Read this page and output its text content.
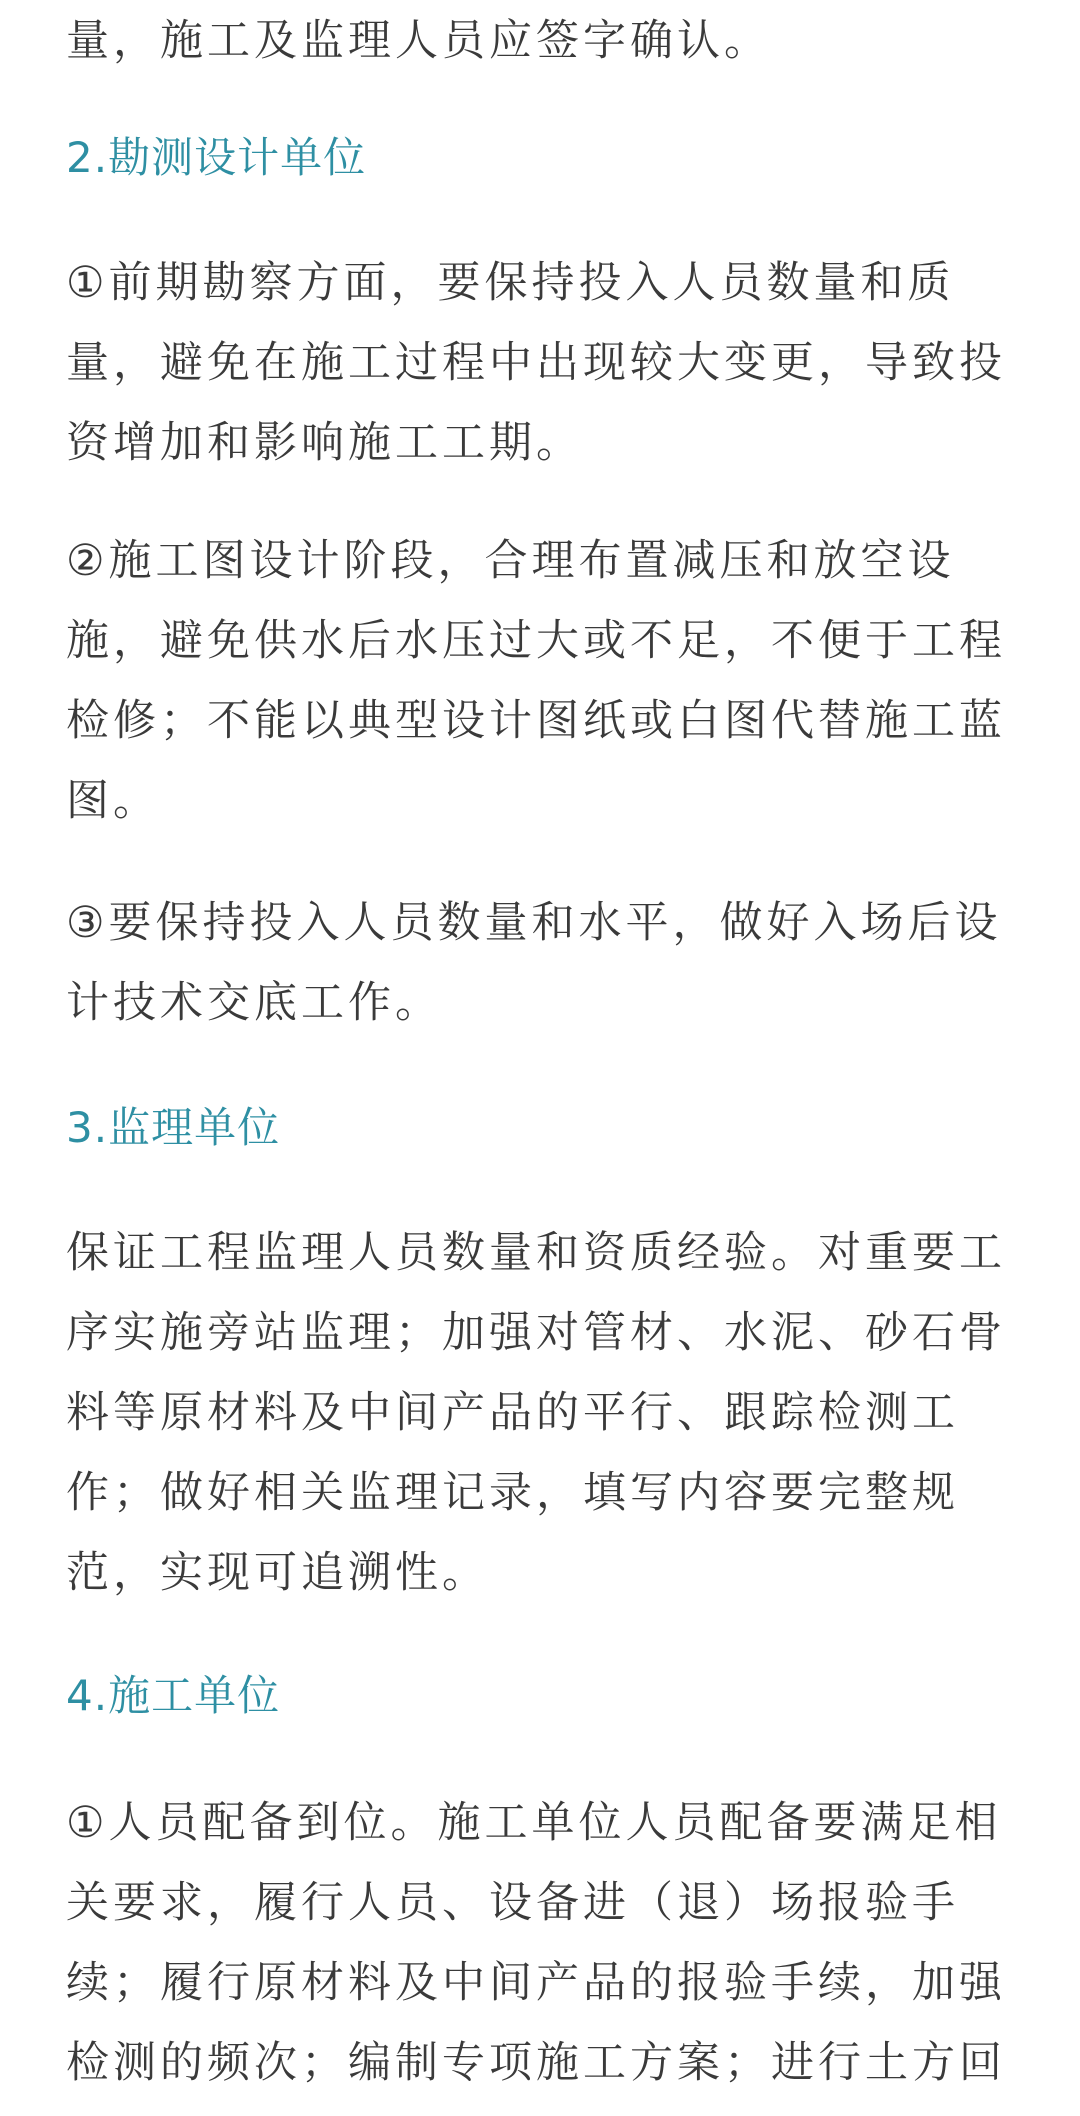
量，施工及监理人员应签字确认。
2.勘测设计单位
①前期勘察方面，要保持投入人员数量和质
量，避免在施工过程中出现较大变更，导致投
资增加和影响施工工期。
②施工图设计阶段，合理布置减压和放空设
施，避免供水后水压过大或不足，不便于工程
检修；不能以典型设计图纸或白图代替施工蓝
图。
③要保持投入人员数量和水平，做好入场后设
计技术交底工作。
3.监理单位
保证工程监理人员数量和资质经验。对重要工
序实施旁站监理；加强对管材、水泥、砂石骨
料等原材料及中间产品的平行、跟踪检测工
作；做好相关监理记录，填写内容要完整规
范，实现可追溯性。
4.施工单位
①人员配备到位。施工单位人员配备要满足相
关要求，履行人员、设备进（退）场报验手
续；履行原材料及中间产品的报验手续，加强
检测的频次；编制专项施工方案；进行土方回
